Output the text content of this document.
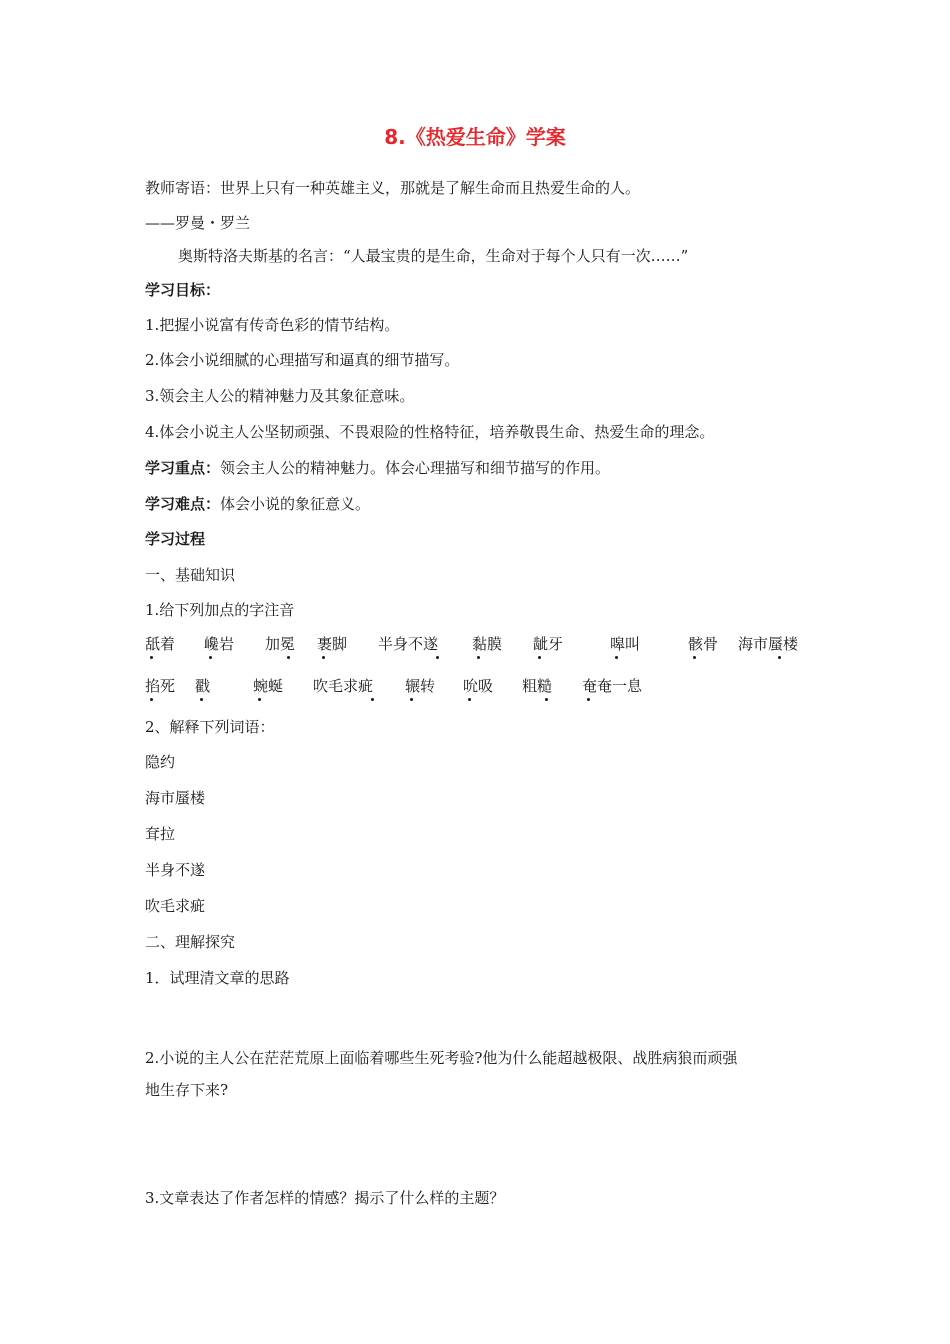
8.《热爱生命》学案
教师寄语：世界上只有一种英雄主义，那就是了解生命而且热爱生命的人。
——罗曼・罗兰
奥斯特洛夫斯基的名言：“人最宝贵的是生命，生命对于每个人只有一次……”
学习目标：
1.把握小说富有传奇色彩的情节结构。
2.体会小说细腻的心理描写和逼真的细节描写。
3.领会主人公的精神魅力及其象征意味。
4.体会小说主人公坚韧顽强、不畏艰险的性格特征，培养敬畏生命、热爱生命的理念。
学习重点：领会主人公的精神魅力。体会心理描写和细节描写的作用。
学习难点：体会小说的象征意义。
学习过程
一、基础知识
1.给下列加点的字注音
舐着 巉岩 加冕 裹脚 半身不遂 黏膜 龇牙	嗥叫	骸骨 海市蜃楼
掐死 戳	蜿蜒 吹毛求疵 辗转 吮吸 粗糙 奄奄一息
2、解释下列词语：
隐约
海市蜃楼
耷拉
半身不遂
吹毛求疵
二、理解探究
1．试理清文章的思路
2.小说的主人公在茫茫荒原上面临着哪些生死考验?他为什么能超越极限、战胜病狼而顽强
地生存下来?
3.文章表达了作者怎样的情感？揭示了什么样的主题？
